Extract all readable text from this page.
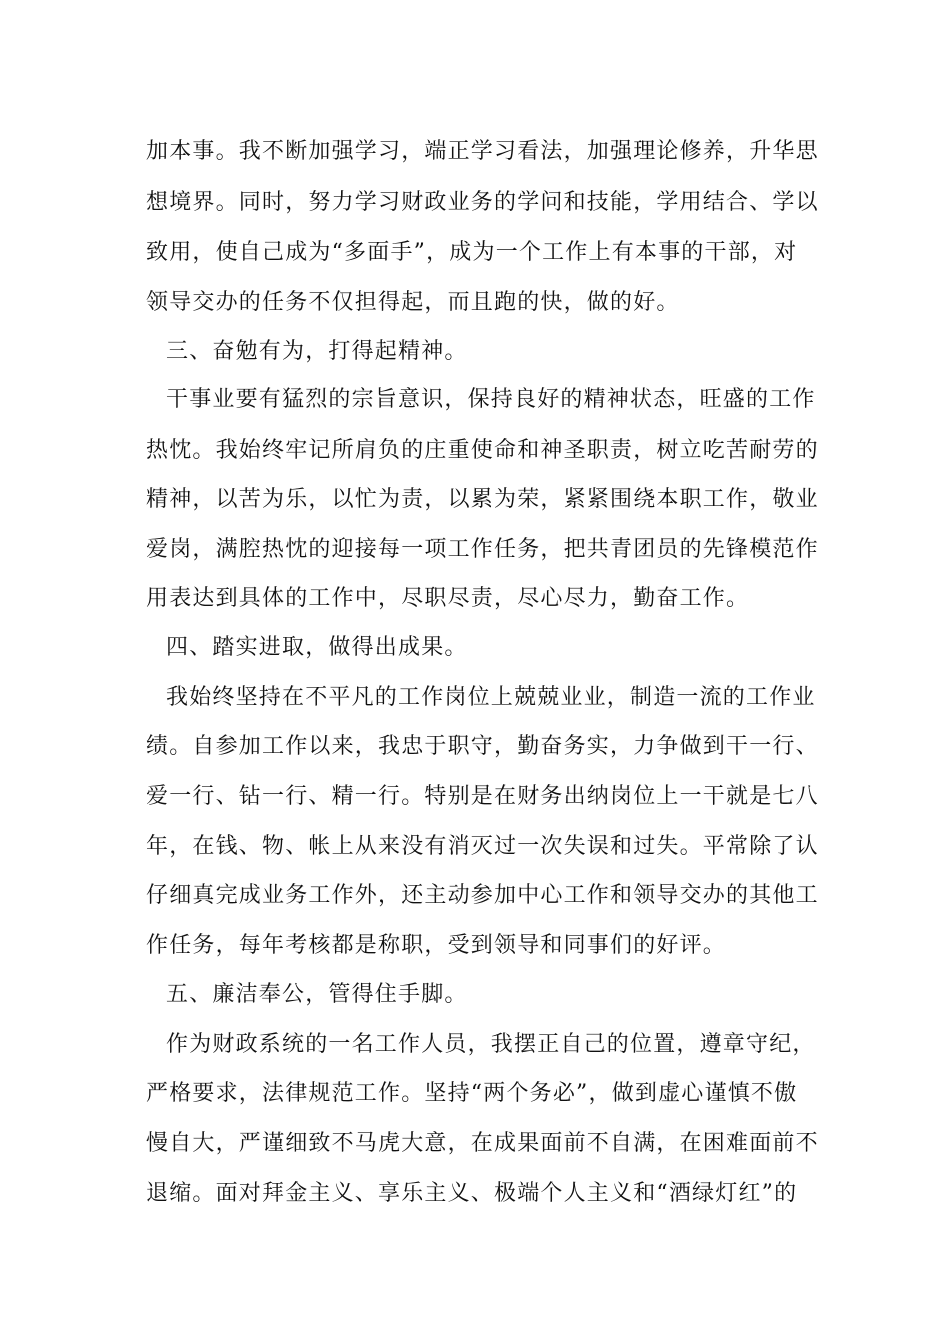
加本事。我不断加强学习，端正学习看法，加强理论修养，升华思
想境界。同时，努力学习财政业务的学问和技能，学用结合、学以
致用，使自己成为“多面手”，成为一个工作上有本事的干部，对
领导交办的任务不仅担得起，而且跑的快，做的好。
三、奋勉有为，打得起精神。
干事业要有猛烈的宗旨意识，保持良好的精神状态，旺盛的工作
热忱。我始终牢记所肩负的庄重使命和神圣职责，树立吃苦耐劳的
精神，以苦为乐，以忙为责，以累为荣，紧紧围绕本职工作，敬业
爱岗，满腔热忱的迎接每一项工作任务，把共青团员的先锋模范作
用表达到具体的工作中，尽职尽责，尽心尽力，勤奋工作。
四、踏实进取，做得出成果。
我始终坚持在不平凡的工作岗位上兢兢业业，制造一流的工作业
绩。自参加工作以来，我忠于职守，勤奋务实，力争做到干一行、
爱一行、钻一行、精一行。特别是在财务出纳岗位上一干就是七八
年，在钱、物、帐上从来没有消灭过一次失误和过失。平常除了认
仔细真完成业务工作外，还主动参加中心工作和领导交办的其他工
作任务，每年考核都是称职，受到领导和同事们的好评。
五、廉洁奉公，管得住手脚。
作为财政系统的一名工作人员，我摆正自己的位置，遵章守纪，
严格要求，法律规范工作。坚持“两个务必”，做到虚心谨慎不傲
慢自大，严谨细致不马虎大意，在成果面前不自满，在困难面前不
退缩。面对拜金主义、享乐主义、极端个人主义和“酒绿灯红”的
